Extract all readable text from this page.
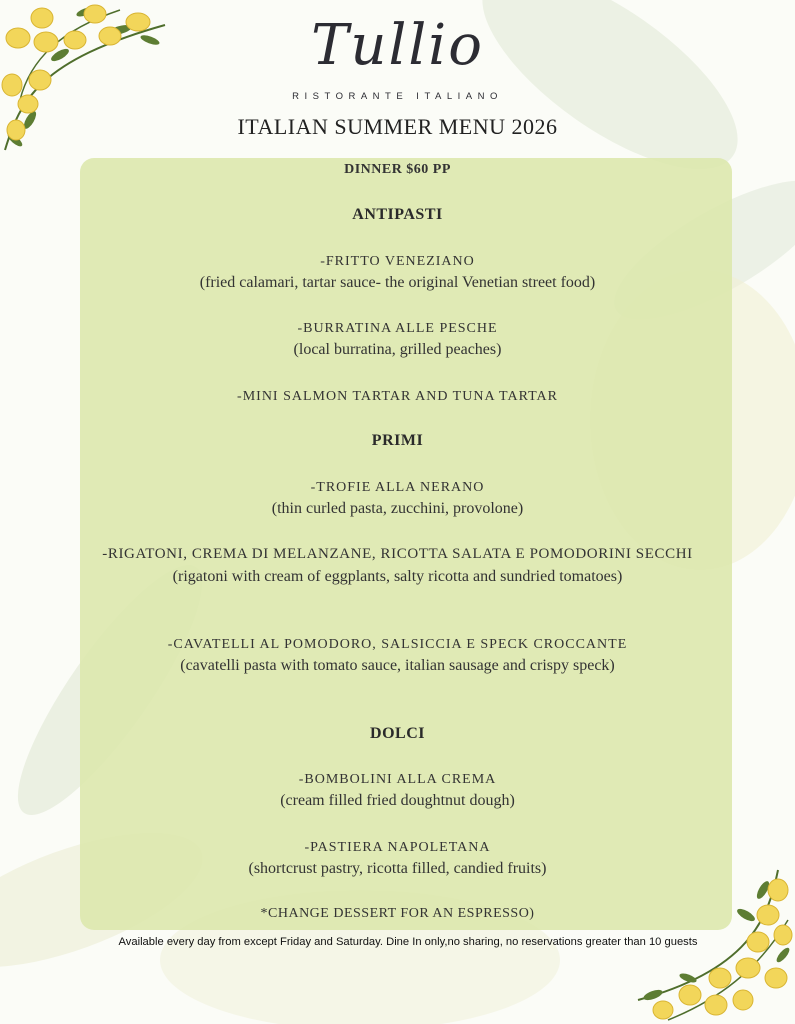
Tullio
RISTORANTE ITALIANO
ITALIAN SUMMER MENU 2026
DINNER $60 PP
ANTIPASTI
-FRITTO VENEZIANO
(fried calamari, tartar sauce- the original Venetian street food)
-BURRATINA ALLE PESCHE
(local burratina, grilled peaches)
-MINI SALMON TARTAR AND TUNA TARTAR
PRIMI
-TROFIE ALLA NERANO
(thin curled pasta, zucchini, provolone)
-RIGATONI, CREMA DI MELANZANE, RICOTTA SALATA E POMODORINI SECCHI
(rigatoni with cream of eggplants, salty ricotta and sundried tomatoes)
-CAVATELLI AL POMODORO, SALSICCIA E SPECK CROCCANTE
(cavatelli pasta with tomato sauce, italian sausage and crispy speck)
DOLCI
-BOMBOLINI ALLA CREMA
(cream filled fried doughtnut dough)
-PASTIERA NAPOLETANA
(shortcrust pastry, ricotta filled, candied fruits)
*CHANGE DESSERT FOR AN ESPRESSO)
Available every day from except Friday and Saturday. Dine In only,no sharing, no reservations greater than 10 guests
